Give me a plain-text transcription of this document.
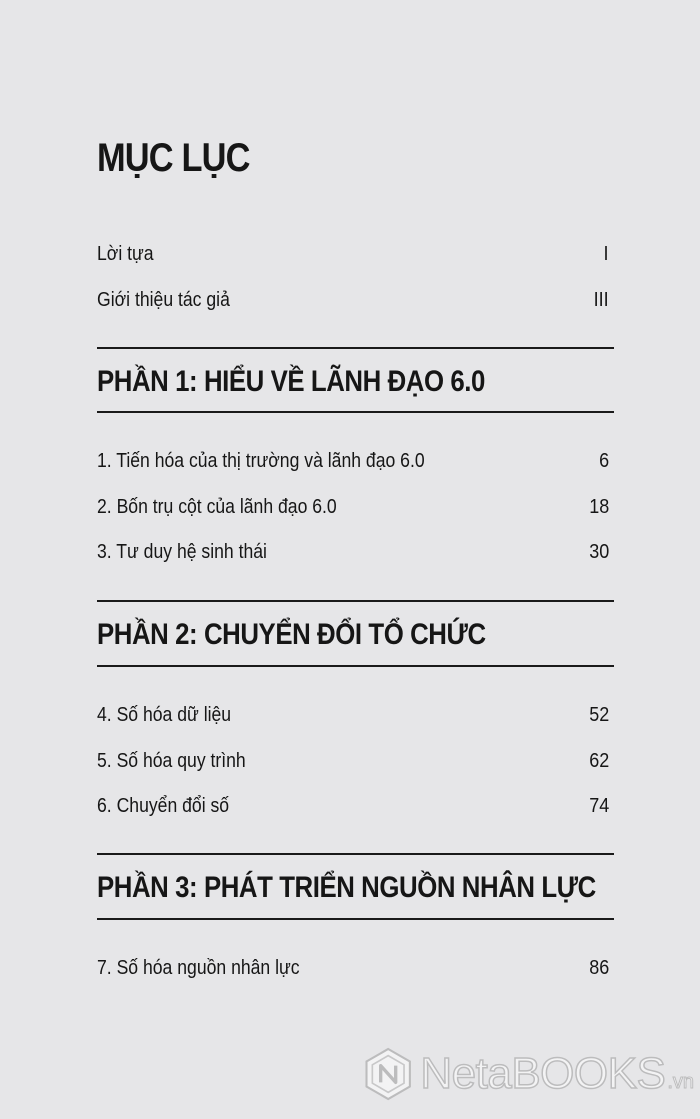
MỤC LỤC
Lời tựa	I
Giới thiệu tác giả	III
PHẦN 1: HIỂU VỀ LÃNH ĐẠO 6.0
1. Tiến hóa của thị trường và lãnh đạo 6.0	6
2. Bốn trụ cột của lãnh đạo 6.0	18
3. Tư duy hệ sinh thái	30
PHẦN 2: CHUYỂN ĐỔI TỔ CHỨC
4. Số hóa dữ liệu	52
5. Số hóa quy trình	62
6. Chuyển đổi số	74
PHẦN 3: PHÁT TRIỂN NGUỒN NHÂN LỰC
7. Số hóa nguồn nhân lực	86
NetaBOOKS .vn
